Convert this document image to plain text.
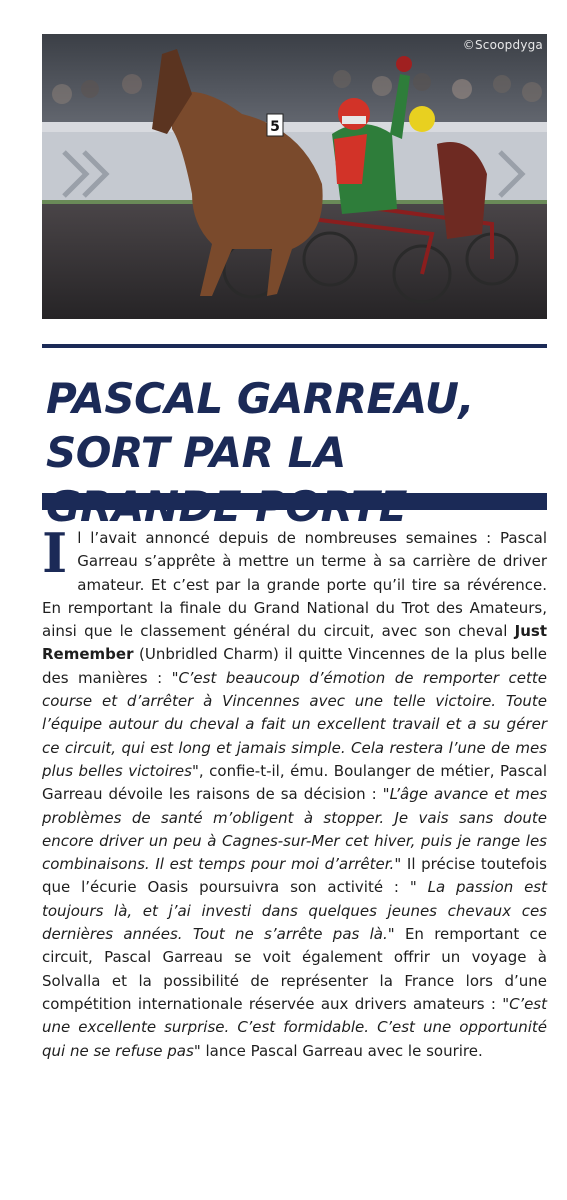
5
©Scoopdyga
PASCAL GARREAU, SORT PAR LA

Il l’avait annoncé depuis de nombreuses semaines : Pascal Garreau s’apprête à mettre un terme à sa carrière de driver amateur. Et c’est par la grande porte qu’il tire sa révérence. En remportant la finale du Grand National du Trot des Amateurs, ainsi que le classement général du circuit, avec son cheval Just Remember (Unbridled Charm) il quitte Vincennes de la plus belle des manières : "C’est beaucoup d’émotion de remporter cette course et d’arrêter à Vincennes avec une telle victoire. Toute l’équipe autour du cheval a fait un excellent travail et a su gérer ce circuit, qui est long et jamais simple. Cela restera l’une de mes plus belles victoires", confie-t-il, ému. Boulanger de métier, Pascal Garreau dévoile les raisons de sa décision : "L’âge avance et mes problèmes de santé m’obligent à stopper. Je vais sans doute encore driver un peu à Cagnes-sur-Mer cet hiver, puis je range les combinaisons. Il est temps pour moi d’arrêter." Il précise toutefois que l’écurie Oasis poursuivra son activité : " La passion est toujours là, et j’ai investi dans quelques jeunes chevaux ces dernières années. Tout ne s’arrête pas là." En remportant ce circuit, Pascal Garreau se voit également offrir un voyage à Solvalla et la possibilité de représenter la France lors d’une compétition internationale réservée aux drivers amateurs : "C’est une excellente surprise. C’est formidable. C’est une opportunité qui ne se refuse pas" lance Pascal Garreau avec le sourire.
